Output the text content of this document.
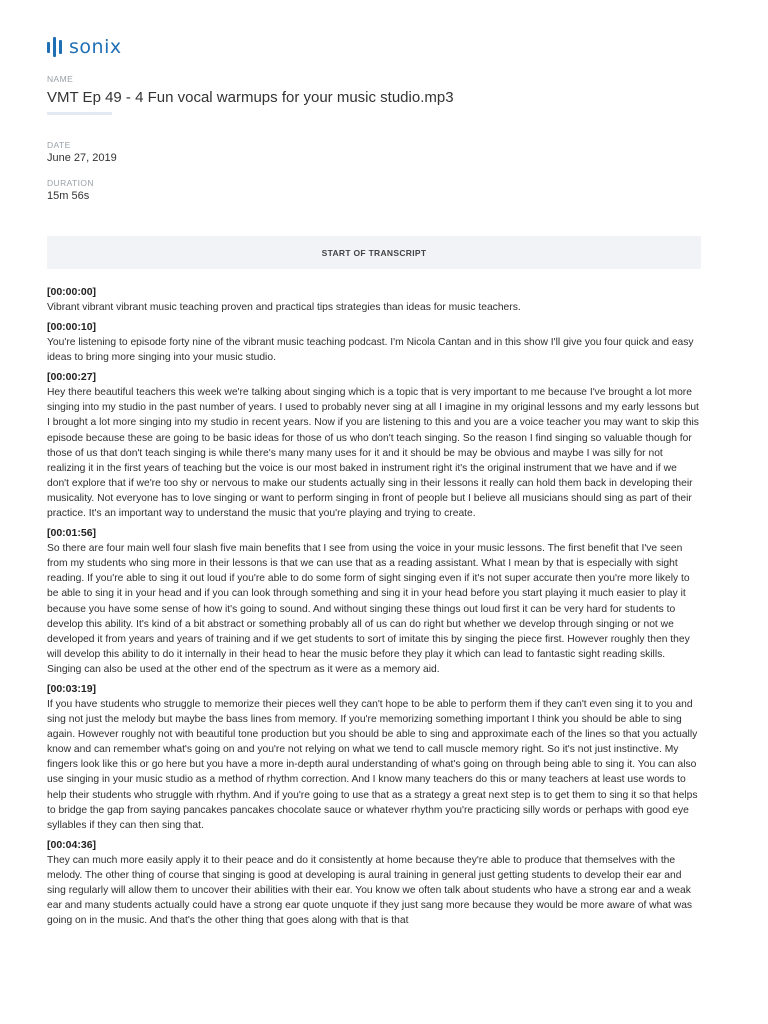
sonix
NAME
VMT Ep 49 - 4 Fun vocal warmups for your music studio.mp3
DATE
June 27, 2019
DURATION
15m 56s
START OF TRANSCRIPT
[00:00:00]

Vibrant vibrant vibrant music teaching proven and practical tips strategies than ideas for music teachers.

[00:00:10]

You're listening to episode forty nine of the vibrant music teaching podcast. I'm Nicola Cantan and in this show I'll give you four quick and easy ideas to bring more singing into your music studio.

[00:00:27]

Hey there beautiful teachers this week we're talking about singing which is a topic that is very important to me because I've brought a lot more singing into my studio in the past number of years. I used to probably never sing at all I imagine in my original lessons and my early lessons but I brought a lot more singing into my studio in recent years. Now if you are listening to this and you are a voice teacher you may want to skip this episode because these are going to be basic ideas for those of us who don't teach singing. So the reason I find singing so valuable though for those of us that don't teach singing is while there's many many uses for it and it should be may be obvious and maybe I was silly for not realizing it in the first years of teaching but the voice is our most baked in instrument right it's the original instrument that we have and if we don't explore that if we're too shy or nervous to make our students actually sing in their lessons it really can hold them back in developing their musicality. Not everyone has to love singing or want to perform singing in front of people but I believe all musicians should sing as part of their practice. It's an important way to understand the music that you're playing and trying to create.

[00:01:56]

So there are four main well four slash five main benefits that I see from using the voice in your music lessons. The first benefit that I've seen from my students who sing more in their lessons is that we can use that as a reading assistant. What I mean by that is especially with sight reading. If you're able to sing it out loud if you're able to do some form of sight singing even if it's not super accurate then you're more likely to be able to sing it in your head and if you can look through something and sing it in your head before you start playing it much easier to play it because you have some sense of how it's going to sound. And without singing these things out loud first it can be very hard for students to develop this ability. It's kind of a bit abstract or something probably all of us can do right but whether we develop through singing or not we developed it from years and years of training and if we get students to sort of imitate this by singing the piece first. However roughly then they will develop this ability to do it internally in their head to hear the music before they play it which can lead to fantastic sight reading skills. Singing can also be used at the other end of the spectrum as it were as a memory aid.

[00:03:19]

If you have students who struggle to memorize their pieces well they can't hope to be able to perform them if they can't even sing it to you and sing not just the melody but maybe the bass lines from memory. If you're memorizing something important I think you should be able to sing again. However roughly not with beautiful tone production but you should be able to sing and approximate each of the lines so that you actually know and can remember what's going on and you're not relying on what we tend to call muscle memory right. So it's not just instinctive. My fingers look like this or go here but you have a more in-depth aural understanding of what's going on through being able to sing it. You can also use singing in your music studio as a method of rhythm correction. And I know many teachers do this or many teachers at least use words to help their students who struggle with rhythm. And if you're going to use that as a strategy a great next step is to get them to sing it so that helps to bridge the gap from saying pancakes pancakes chocolate sauce or whatever rhythm you're practicing silly words or perhaps with good eye syllables if they can then sing that.

[00:04:36]

They can much more easily apply it to their peace and do it consistently at home because they're able to produce that themselves with the melody. The other thing of course that singing is good at developing is aural training in general just getting students to develop their ear and sing regularly will allow them to uncover their abilities with their ear. You know we often talk about students who have a strong ear and a weak ear and many students actually could have a strong ear quote unquote if they just sang more because they would be more aware of what was going on in the music. And that's the other thing that goes along with that is that
